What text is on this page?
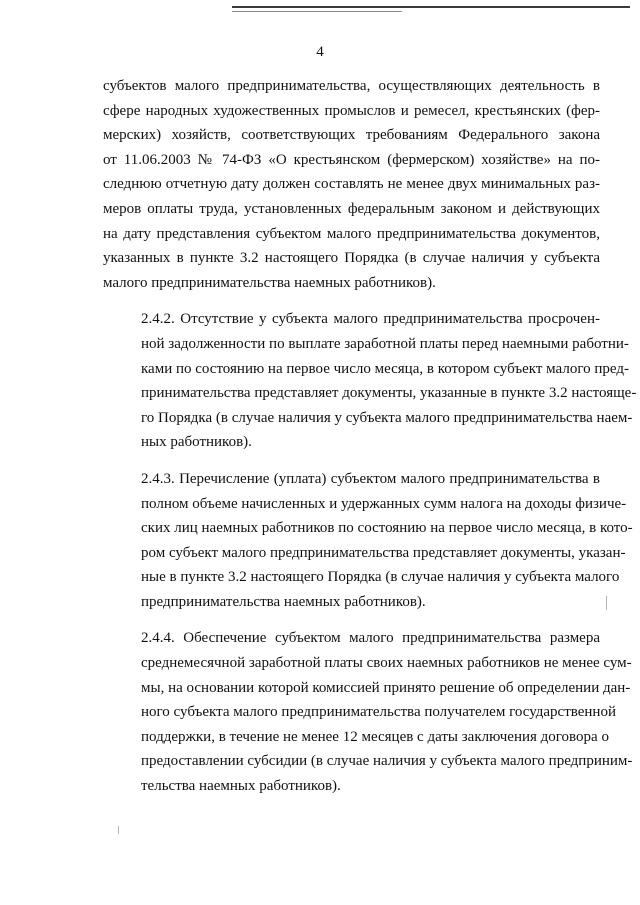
4

субъектов малого предпринимательства, осуществляющих деятельность в
сфере народных художественных промыслов и ремесел, крестьянских (фер-
мерских) хозяйств, соответствующих требованиям Федерального закона
от 11.06.2003 № 74-ФЗ «О крестьянском (фермерском) хозяйстве» на по-
следнюю отчетную дату должен составлять не менее двух минимальных раз-
меров оплаты труда, установленных федеральным законом и действующих
на дату представления субъектом малого предпринимательства документов,
указанных в пункте 3.2 настоящего Порядка (в случае наличия у субъекта
малого предпринимательства наемных работников).

2.4.2. Отсутствие у субъекта малого предпринимательства просрочен-
ной задолженности по выплате заработной платы перед наемными работни-
ками по состоянию на первое число месяца, в котором субъект малого пред-
принимательства представляет документы, указанные в пункте 3.2 настояще-
го Порядка (в случае наличия у субъекта малого предпринимательства наем-
ных работников).

2.4.3. Перечисление (уплата) субъектом малого предпринимательства в
полном объеме начисленных и удержанных сумм налога на доходы физиче-
ских лиц наемных работников по состоянию на первое число месяца, в кото-
ром субъект малого предпринимательства представляет документы, указан-
ные в пункте 3.2 настоящего Порядка (в случае наличия у субъекта малого
предпринимательства наемных работников).

2.4.4. Обеспечение субъектом малого предпринимательства размера
среднемесячной заработной платы своих наемных работников не менее сум-
мы, на основании которой комиссией принято решение об определении дан-
ного субъекта малого предпринимательства получателем государственной
поддержки, в течение не менее 12 месяцев с даты заключения договора о
предоставлении субсидии (в случае наличия у субъекта малого предприним-
тельства наемных работников).
